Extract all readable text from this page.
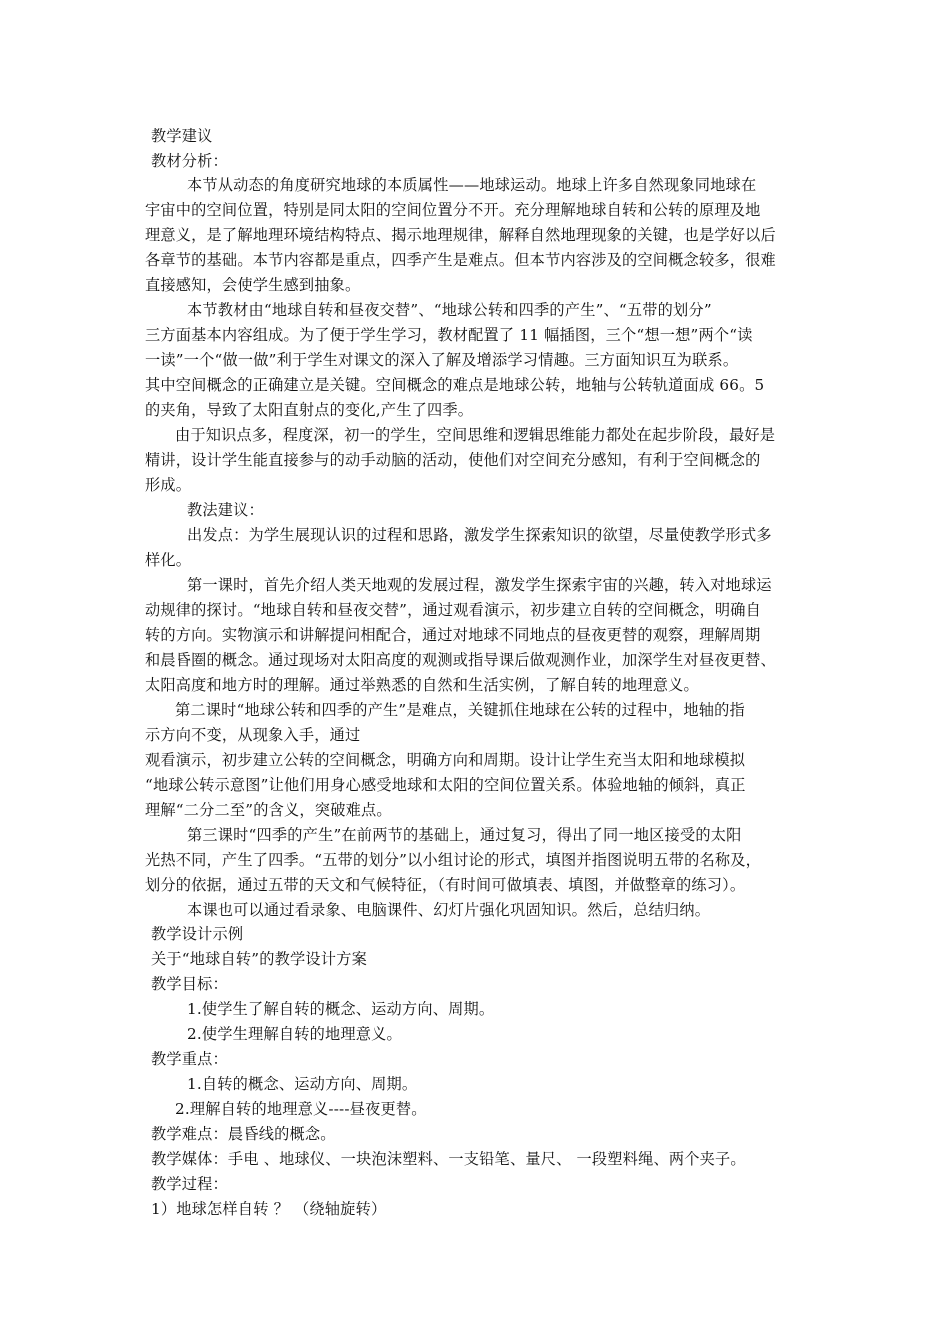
教学建议
教材分析：
本节从动态的角度研究地球的本质属性——地球运动。地球上许多自然现象同地球在
宇宙中的空间位置，特别是同太阳的空间位置分不开。充分理解地球自转和公转的原理及地
理意义，是了解地理环境结构特点、揭示地理规律，解释自然地理现象的关键，也是学好以后
各章节的基础。本节内容都是重点，四季产生是难点。但本节内容涉及的空间概念较多，很难
直接感知，会使学生感到抽象。
本节教材由“地球自转和昼夜交替”、“地球公转和四季的产生”、“五带的划分”
三方面基本内容组成。为了便于学生学习，教材配置了 11 幅插图，三个“想一想”两个“读
一读”一个“做一做”利于学生对课文的深入了解及增添学习情趣。三方面知识互为联系。
其中空间概念的正确建立是关键。空间概念的难点是地球公转，地轴与公转轨道面成 66。5
的夹角，导致了太阳直射点的变化,产生了四季。
由于知识点多，程度深，初一的学生，空间思维和逻辑思维能力都处在起步阶段，最好是
精讲，设计学生能直接参与的动手动脑的活动，使他们对空间充分感知，有利于空间概念的
形成。
教法建议：
出发点：为学生展现认识的过程和思路，激发学生探索知识的欲望，尽量使教学形式多
样化。
第一课时，首先介绍人类天地观的发展过程，激发学生探索宇宙的兴趣，转入对地球运
动规律的探讨。“地球自转和昼夜交替”，通过观看演示，初步建立自转的空间概念，明确自
转的方向。实物演示和讲解提问相配合，通过对地球不同地点的昼夜更替的观察，理解周期
和晨昏圈的概念。通过现场对太阳高度的观测或指导课后做观测作业，加深学生对昼夜更替、
太阳高度和地方时的理解。通过举熟悉的自然和生活实例，了解自转的地理意义。
第二课时“地球公转和四季的产生”是难点，关键抓住地球在公转的过程中，地轴的指
示方向不变，从现象入手，通过
观看演示，初步建立公转的空间概念，明确方向和周期。设计让学生充当太阳和地球模拟
“地球公转示意图”让他们用身心感受地球和太阳的空间位置关系。体验地轴的倾斜，真正
理解“二分二至”的含义，突破难点。
第三课时“四季的产生”在前两节的基础上，通过复习，得出了同一地区接受的太阳
光热不同，产生了四季。“五带的划分”以小组讨论的形式，填图并指图说明五带的名称及，
划分的依据，通过五带的天文和气候特征，（有时间可做填表、填图，并做整章的练习）。
本课也可以通过看录象、电脑课件、幻灯片强化巩固知识。然后，总结归纳。
教学设计示例
关于“地球自转”的教学设计方案
教学目标：
1.使学生了解自转的概念、运动方向、周期。
2.使学生理解自转的地理意义。
教学重点：
1.自转的概念、运动方向、周期。
2.理解自转的地理意义----昼夜更替。
教学难点：晨昏线的概念。
教学媒体：手电 、地球仪、一块泡沫塑料、一支铅笔、量尺、 一段塑料绳、两个夹子。
教学过程：
1）地球怎样自转 ？ （绕轴旋转）
